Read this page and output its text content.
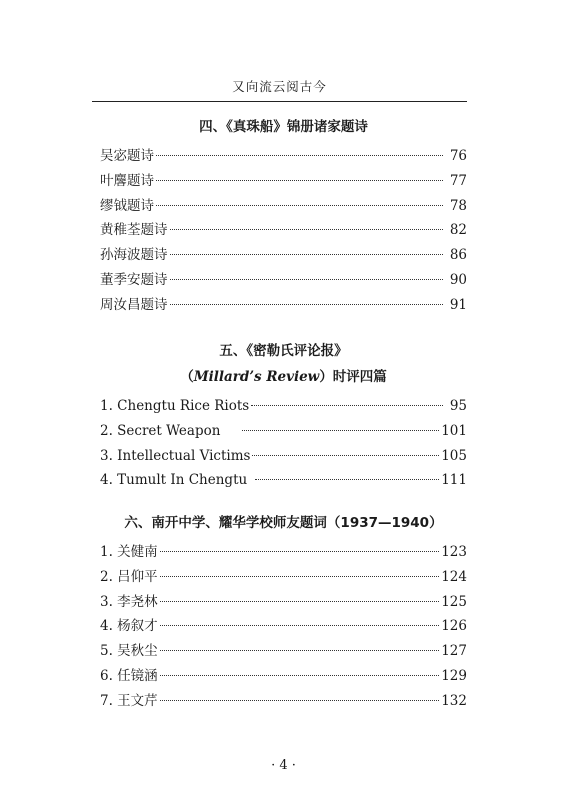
又向流云阅古今
四、《真珠船》锦册诸家题诗
吴宓题诗	76
叶麐题诗	77
缪钺题诗	78
黄稚荃题诗	82
孙海波题诗	86
董季安题诗	90
周汝昌题诗	91
五、《密勒氏评论报》
（Millard’s Review）时评四篇
1. Chengtu Rice Riots	95
2. Secret Weapon	101
3. Intellectual Victims	105
4. Tumult In Chengtu	111
六、南开中学、耀华学校师友题词（1937—1940）
1. 关健南	123
2. 吕仰平	124
3. 李尧林	125
4. 杨叙才	126
5. 吴秋尘	127
6. 任镜涵	129
7. 王文芹	132
· 4 ·
